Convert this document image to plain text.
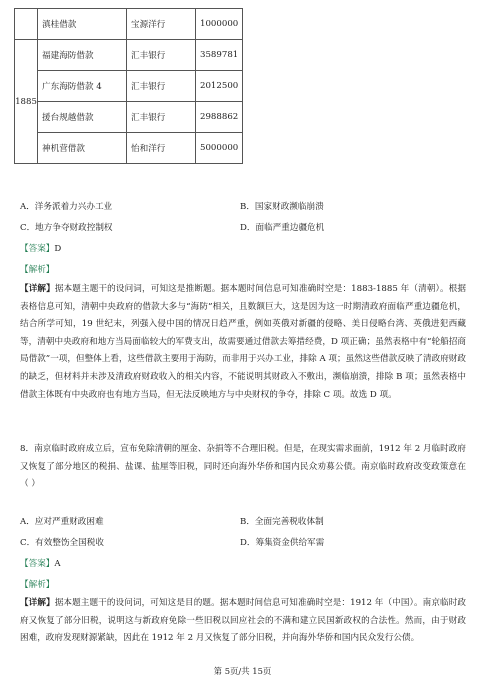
	滇桂借款	宝源洋行	1000000
1885	福建海防借款	汇丰银行	3589781
	广东海防借款 4	汇丰银行	2012500
	援台规越借款	汇丰银行	2988862
	神机营借款	怡和洋行	5000000
A．洋务派着力兴办工业	B．国家财政濒临崩溃
C．地方争夺财政控制权	D．面临严重边疆危机
【答案】D
【解析】
【详解】据本题主题干的设问词，可知这是推断题。据本题时间信息可知准确时空是：1883-1885 年（清朝）。根据表格信息可知，清朝中央政府的借款大多与“海防”相关，且数额巨大，这是因为这一时期清政府面临严重边疆危机，结合所学可知，19 世纪末，列强入侵中国的情况日趋严重，例如英俄对新疆的侵略、美日侵略台湾、英俄进犯西藏等，清朝中央政府和地方当局面临较大的军费支出，故需要通过借款去筹措经费，D 项正确；虽然表格中有“轮船招商局借款”一项，但整体上看，这些借款主要用于海防，而非用于兴办工业，排除 A 项；虽然这些借款反映了清政府财政的缺乏，但材料并未涉及清政府财政收入的相关内容，不能说明其财政入不敷出，濒临崩溃，排除 B 项；虽然表格中借款主体既有中央政府也有地方当局，但无法反映地方与中央财权的争夺，排除 C 项。故选 D 项。
8．南京临时政府成立后，宣布免除清朝的厘金、杂捐等不合理旧税。但是，在现实需求面前，1912 年 2 月临时政府又恢复了部分地区的税捐、盐课、盐厘等旧税，同时还向海外华侨和国内民众劝募公债。南京临时政府改变政策意在（ ）
A．应对严重财政困难	B．全面完善税收体制
C．有效整饬全国税收	D．筹集资金供给军需
【答案】A
【解析】
【详解】据本题主题干的设问词，可知这是目的题。据本题时间信息可知准确时空是：1912 年（中国）。南京临时政府又恢复了部分旧税，说明这与新政府免除一些旧税以回应社会的不满和建立民国新政权的合法性。然而，由于财政困难，政府发现财源紧缺，因此在 1912 年 2 月又恢复了部分旧税，并向海外华侨和国内民众发行公债。
第 5页/共 15页
